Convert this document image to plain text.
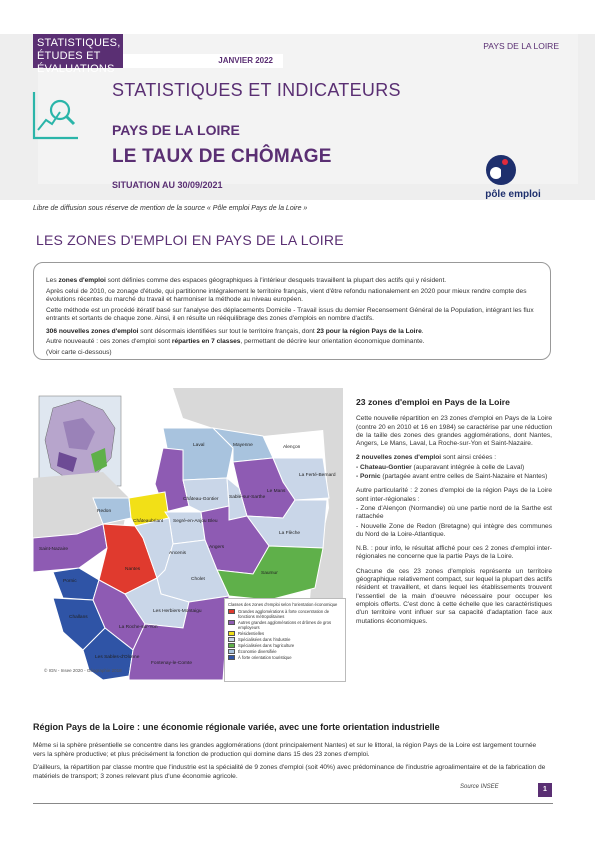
STATISTIQUES, ÉTUDES ET ÉVALUATIONS
JANVIER 2022
PAYS DE LA LOIRE
STATISTIQUES ET INDICATEURS
PAYS DE LA LOIRE
LE TAUX DE CHÔMAGE
SITUATION AU 30/09/2021
pôle emploi
Libre de diffusion sous réserve de mention de la source « Pôle emploi Pays de la Loire »
LES ZONES D'EMPLOI EN PAYS DE LA LOIRE

Les zones d'emploi sont définies comme des espaces géographiques à l'intérieur desquels travaillent la plupart des actifs qui y résident.

Après celui de 2010, ce zonage d'étude, qui partitionne intégralement le territoire français, vient d'être refondu nationalement en 2020 pour mieux rendre compte des évolutions récentes du marché du travail et harmoniser la méthode au niveau européen.

Cette méthode est un procédé itératif basé sur l'analyse des déplacements Domicile - Travail issus du dernier Recensement Général de la Population, intégrant les flux entrants et sortants de chaque zone. Ainsi, il en résulte un rééquilibrage des zones d'emplois en nombre d'actifs.

306 nouvelles zones d'emploi sont désormais identifiées sur tout le territoire français, dont 23 pour la région Pays de la Loire.

Autre nouveauté : ces zones d'emploi sont réparties en 7 classes, permettant de décrire leur orientation économique dominante.

(Voir carte ci-dessous)

Mayenne	Alençon
Laval
La Ferté-Bernard
Château-Gontier Sablé-sur-Sarthe
Le Mans
Redon
Châteaubriant Segré-en-Anjou Bleu
La Flèche
Saint-Nazaire
Ancenis
Angers
Nantes
Saumur
Pornic	Cholet
Challans
Les Herbiers-Montaigu
La Roche-sur-Yon
Les Sables-d'Olonne
Fontenay-le-Comte
Classes des zones d'emploi selon l'orientation économique
Grandes agglomérations à forte concentration de fonctions métropolitaines
Autres grandes agglomérations et drômes de gros employeurs
Résidentielles
Spécialisées dans l'industrie
Spécialisées dans l'agriculture
Économie diversifiée
À forte orientation touristique
© IGN - Insee 2020 - Géographie 2018
23 zones d'emploi en Pays de la Loire

Cette nouvelle répartition en 23 zones d'emploi en Pays de la Loire (contre 20 en 2010 et 16 en 1984) se caractérise par une réduction de la taille des zones des grandes agglomérations, dont Nantes, Angers, Le Mans, Laval, La Roche-sur-Yon et Saint-Nazaire.

2 nouvelles zones d'emploi sont ainsi créées :

- Chateau-Gontier (auparavant intégrée à celle de Laval)

- Pornic (partagée avant entre celles de Saint-Nazaire et Nantes)

Autre particularité : 2 zones d'emploi de la région Pays de la Loire sont inter-régionales :

- Zone d'Alençon (Normandie) où une partie nord de la Sarthe est rattachée

- Nouvelle Zone de Redon (Bretagne) qui intègre des communes du Nord de la Loire-Atlantique.

N.B. : pour info, le résultat affiché pour ces 2 zones d'emploi inter-régionales ne concerne que la partie Pays de la Loire.

Chacune de ces 23 zones d'emplois représente un territoire géographique relativement compact, sur lequel la plupart des actifs résident et travaillent, et dans lequel les établissements trouvent l'essentiel de la main d'oeuvre nécessaire pour occuper les emplois offerts. C'est donc à cette échelle que les caractéristiques d'un territoire vont influer sur sa capacité d'adaptation face aux mutations économiques.

Région Pays de la Loire : une économie régionale variée, avec une forte orientation industrielle

Même si la sphère présentielle se concentre dans les grandes agglomérations (dont principalement Nantes) et sur le littoral, la région Pays de la Loire est largement tournée vers la sphère productive; et plus précisément la fonction de production qui domine dans 15 des 23 zones d'emploi.

D'ailleurs, la répartition par classe montre que l'industrie est la spécialité de 9 zones d'emploi (soit 40%) avec prédominance de l'industrie agroalimentaire et de la fabrication de matériels de transport; 3 zones relevant plus d'une économie agricole.

Source INSEE	1
